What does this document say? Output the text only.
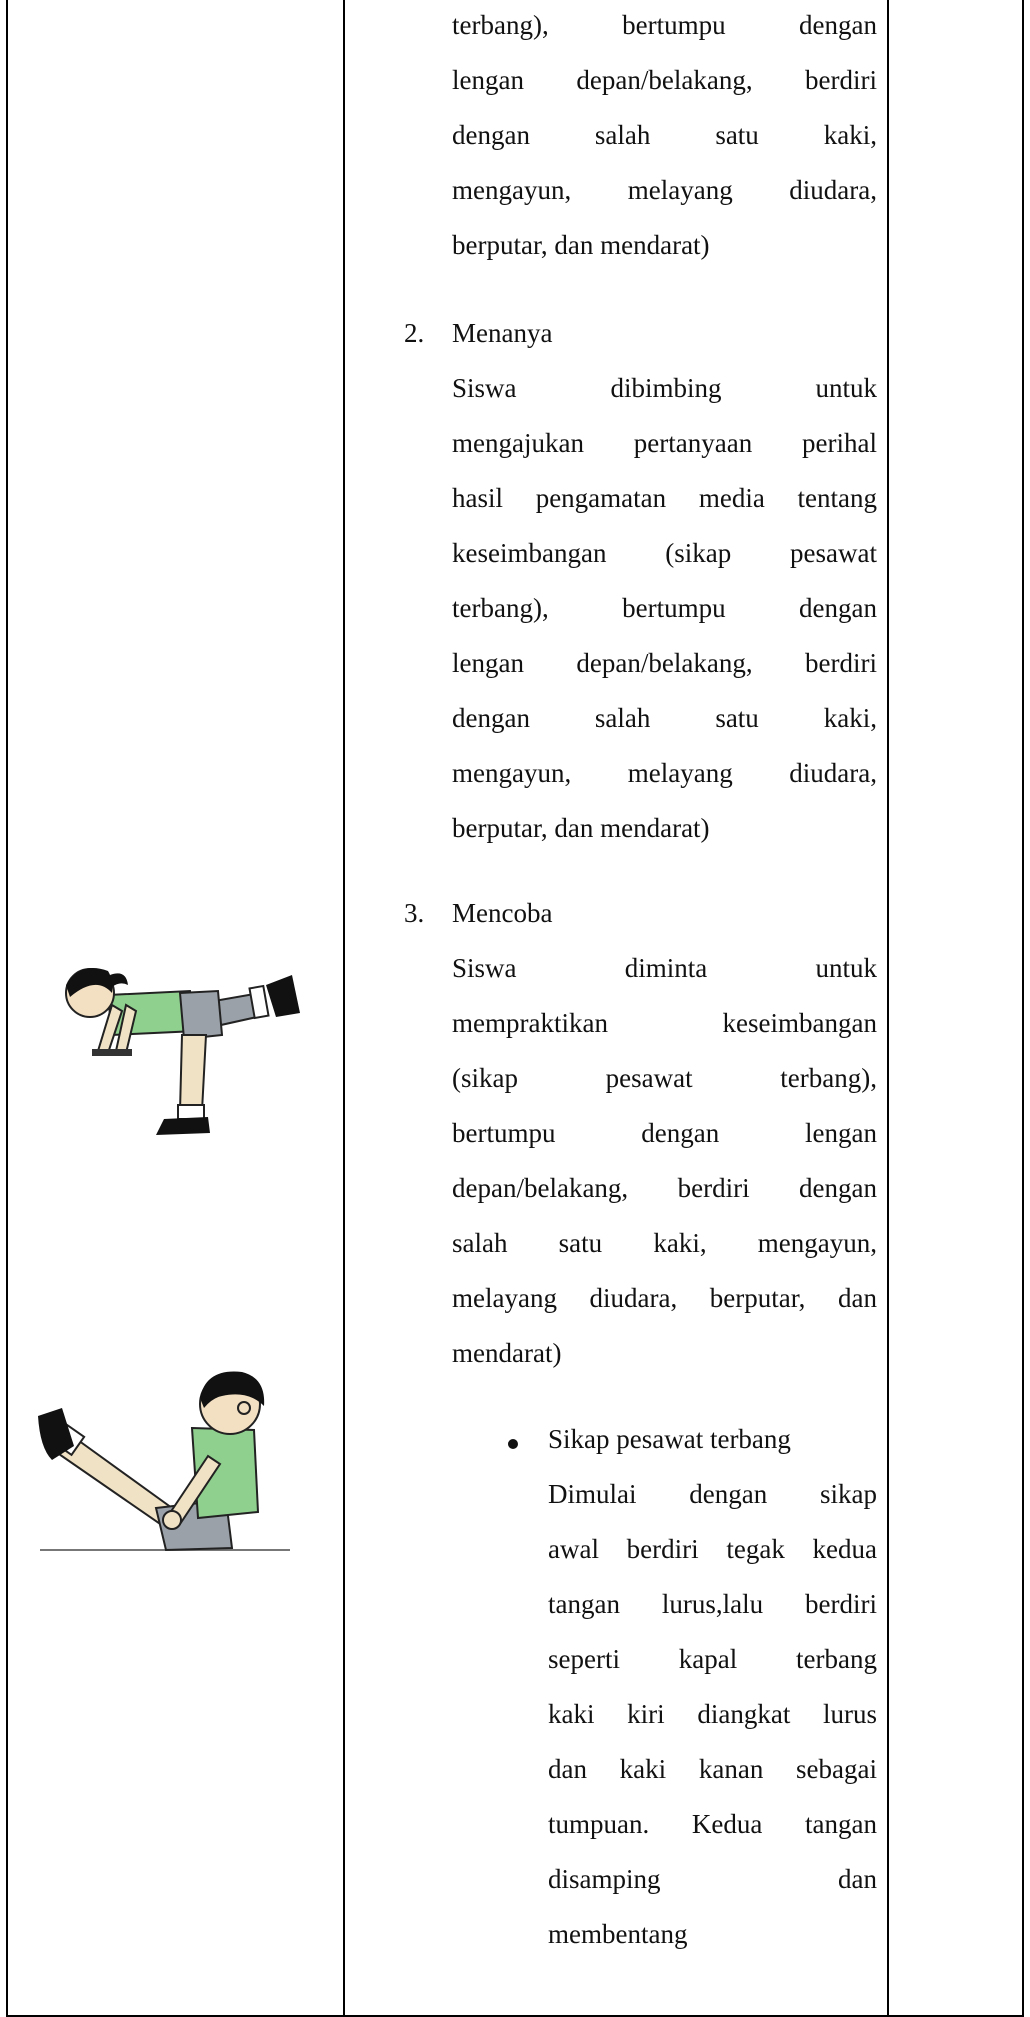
terbang), bertumpu dengan
lengan depan/belakang, berdiri
dengan salah satu kaki,
mengayun, melayang diudara,
berputar, dan mendarat)
2. Menanya
Siswa dibimbing untuk
mengajukan pertanyaan perihal
hasil pengamatan media tentang
keseimbangan (sikap pesawat
terbang), bertumpu dengan
lengan depan/belakang, berdiri
dengan salah satu kaki,
mengayun, melayang diudara,
berputar, dan mendarat)
3. Mencoba
Siswa diminta untuk
mempraktikan keseimbangan
(sikap pesawat terbang),
bertumpu dengan lengan
depan/belakang, berdiri dengan
salah satu kaki, mengayun,
melayang diudara, berputar, dan
mendarat)
Sikap pesawat terbang
Dimulai dengan sikap
awal berdiri tegak kedua
tangan lurus,lalu berdiri
seperti kapal terbang
kaki kiri diangkat lurus
dan kaki kanan sebagai
tumpuan. Kedua tangan
disamping dan
membentang
